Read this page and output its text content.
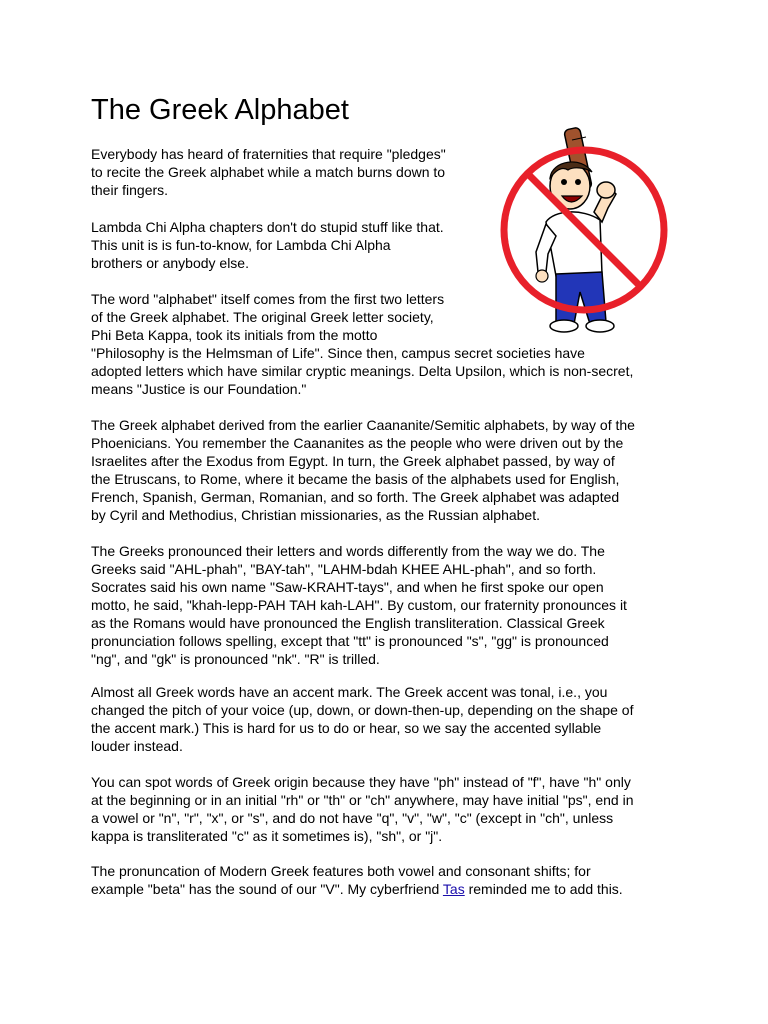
The Greek Alphabet
Everybody has heard of fraternities that require "pledges"
to recite the Greek alphabet while a match burns down to
their fingers.
Lambda Chi Alpha chapters don't do stupid stuff like that.
This unit is is fun-to-know, for Lambda Chi Alpha
brothers or anybody else.
The word "alphabet" itself comes from the first two letters
of the Greek alphabet. The original Greek letter society,
Phi Beta Kappa, took its initials from the motto
"Philosophy is the Helmsman of Life". Since then, campus secret societies have
adopted letters which have similar cryptic meanings. Delta Upsilon, which is non-secret,
means "Justice is our Foundation."
The Greek alphabet derived from the earlier Caananite/Semitic alphabets, by way of the
Phoenicians. You remember the Caananites as the people who were driven out by the
Israelites after the Exodus from Egypt. In turn, the Greek alphabet passed, by way of
the Etruscans, to Rome, where it became the basis of the alphabets used for English,
French, Spanish, German, Romanian, and so forth. The Greek alphabet was adapted
by Cyril and Methodius, Christian missionaries, as the Russian alphabet.
The Greeks pronounced their letters and words differently from the way we do. The
Greeks said "AHL-phah", "BAY-tah", "LAHM-bdah KHEE AHL-phah", and so forth.
Socrates said his own name "Saw-KRAHT-tays", and when he first spoke our open
motto, he said, "khah-lepp-PAH TAH kah-LAH". By custom, our fraternity pronounces it
as the Romans would have pronounced the English transliteration. Classical Greek
pronunciation follows spelling, except that "tt" is pronounced "s", "gg" is pronounced
"ng", and "gk" is pronounced "nk". "R" is trilled.
Almost all Greek words have an accent mark. The Greek accent was tonal, i.e., you
changed the pitch of your voice (up, down, or down-then-up, depending on the shape of
the accent mark.) This is hard for us to do or hear, so we say the accented syllable
louder instead.
You can spot words of Greek origin because they have "ph" instead of "f", have "h" only
at the beginning or in an initial "rh" or "th" or "ch" anywhere, may have initial "ps", end in
a vowel or "n", "r", "x", or "s", and do not have "q", "v", "w", "c" (except in "ch", unless
kappa is transliterated "c" as it sometimes is), "sh", or "j".
The pronuncation of Modern Greek features both vowel and consonant shifts; for
example "beta" has the sound of our "V". My cyberfriend Tas reminded me to add this.
